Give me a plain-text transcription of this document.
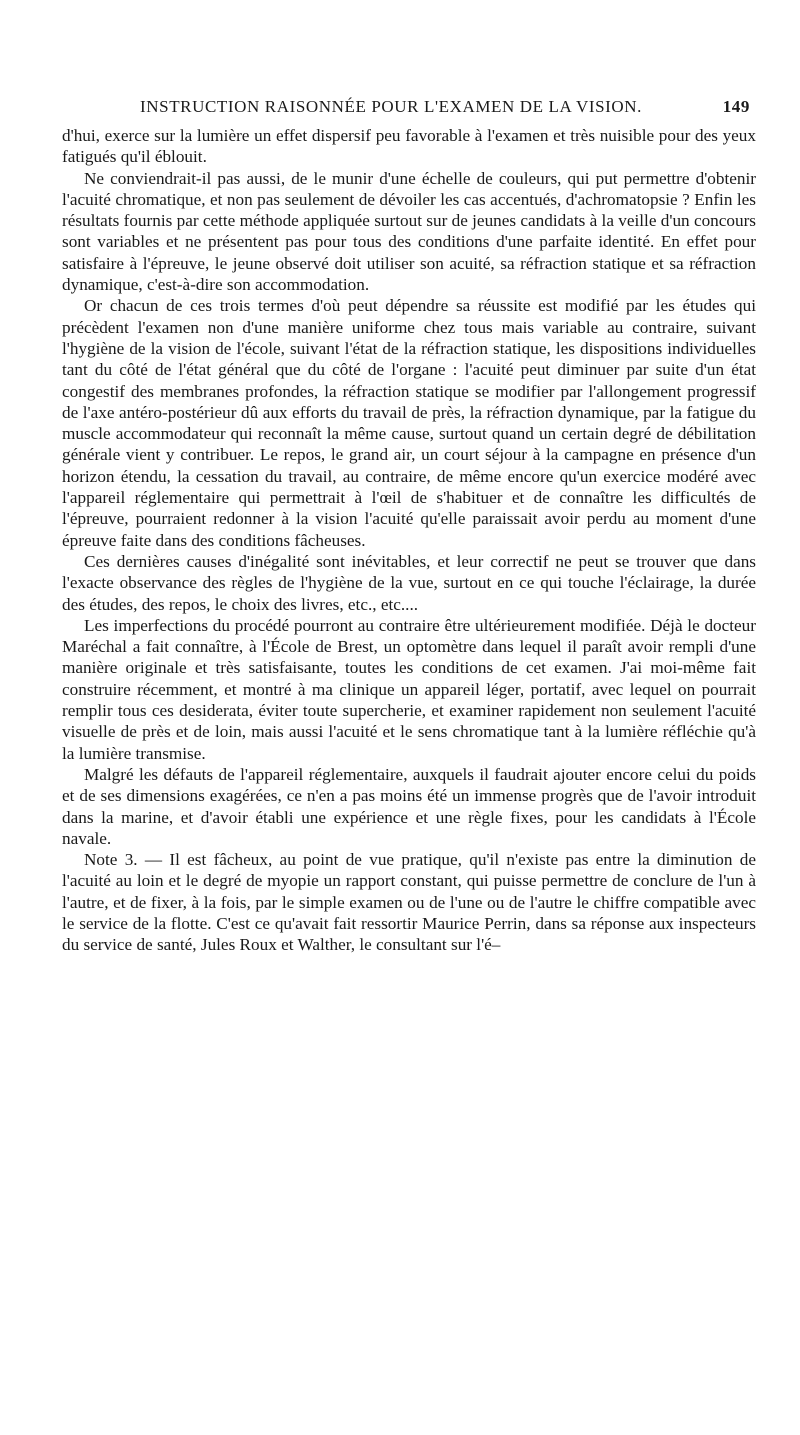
INSTRUCTION RAISONNÉE POUR L'EXAMEN DE LA VISION.	149

d'hui, exerce sur la lumière un effet dispersif peu favorable à l'examen et très nuisible pour des yeux fatigués qu'il éblouit.

Ne conviendrait-il pas aussi, de le munir d'une échelle de couleurs, qui put permettre d'obtenir l'acuité chromatique, et non pas seulement de dévoiler les cas accentués, d'achromatopsie ? Enfin les résultats fournis par cette méthode appliquée surtout sur de jeunes candidats à la veille d'un concours sont variables et ne présentent pas pour tous des conditions d'une parfaite identité. En effet pour satisfaire à l'épreuve, le jeune observé doit utiliser son acuité, sa réfraction statique et sa réfraction dynamique, c'est-à-dire son accommodation.

Or chacun de ces trois termes d'où peut dépendre sa réussite est modifié par les études qui précèdent l'examen non d'une manière uniforme chez tous mais variable au contraire, suivant l'hygiène de la vision de l'école, suivant l'état de la réfraction statique, les dispositions individuelles tant du côté de l'état général que du côté de l'organe : l'acuité peut diminuer par suite d'un état congestif des membranes profondes, la réfraction statique se modifier par l'allongement progressif de l'axe antéro-postérieur dû aux efforts du travail de près, la réfraction dynamique, par la fatigue du muscle accommodateur qui reconnaît la même cause, surtout quand un certain degré de débilitation générale vient y contribuer. Le repos, le grand air, un court séjour à la campagne en présence d'un horizon étendu, la cessation du travail, au contraire, de même encore qu'un exercice modéré avec l'appareil réglementaire qui permettrait à l'œil de s'habituer et de connaître les difficultés de l'épreuve, pourraient redonner à la vision l'acuité qu'elle paraissait avoir perdu au moment d'une épreuve faite dans des conditions fâcheuses.

Ces dernières causes d'inégalité sont inévitables, et leur correctif ne peut se trouver que dans l'exacte observance des règles de l'hygiène de la vue, surtout en ce qui touche l'éclairage, la durée des études, des repos, le choix des livres, etc., etc....

Les imperfections du procédé pourront au contraire être ultérieurement modifiée. Déjà le docteur Maréchal a fait connaître, à l'École de Brest, un optomètre dans lequel il paraît avoir rempli d'une manière originale et très satisfaisante, toutes les conditions de cet examen. J'ai moi-même fait construire récemment, et montré à ma clinique un appareil léger, portatif, avec lequel on pourrait remplir tous ces desiderata, éviter toute supercherie, et examiner rapidement non seulement l'acuité visuelle de près et de loin, mais aussi l'acuité et le sens chromatique tant à la lumière réfléchie qu'à la lumière transmise.

Malgré les défauts de l'appareil réglementaire, auxquels il faudrait ajouter encore celui du poids et de ses dimensions exagérées, ce n'en a pas moins été un immense progrès que de l'avoir introduit dans la marine, et d'avoir établi une expérience et une règle fixes, pour les candidats à l'École navale.

Note 3. — Il est fâcheux, au point de vue pratique, qu'il n'existe pas entre la diminution de l'acuité au loin et le degré de myopie un rapport constant, qui puisse permettre de conclure de l'un à l'autre, et de fixer, à la fois, par le simple examen ou de l'une ou de l'autre le chiffre compatible avec le service de la flotte. C'est ce qu'avait fait ressortir Maurice Perrin, dans sa réponse aux inspecteurs du service de santé, Jules Roux et Walther, le consultant sur l'é–
